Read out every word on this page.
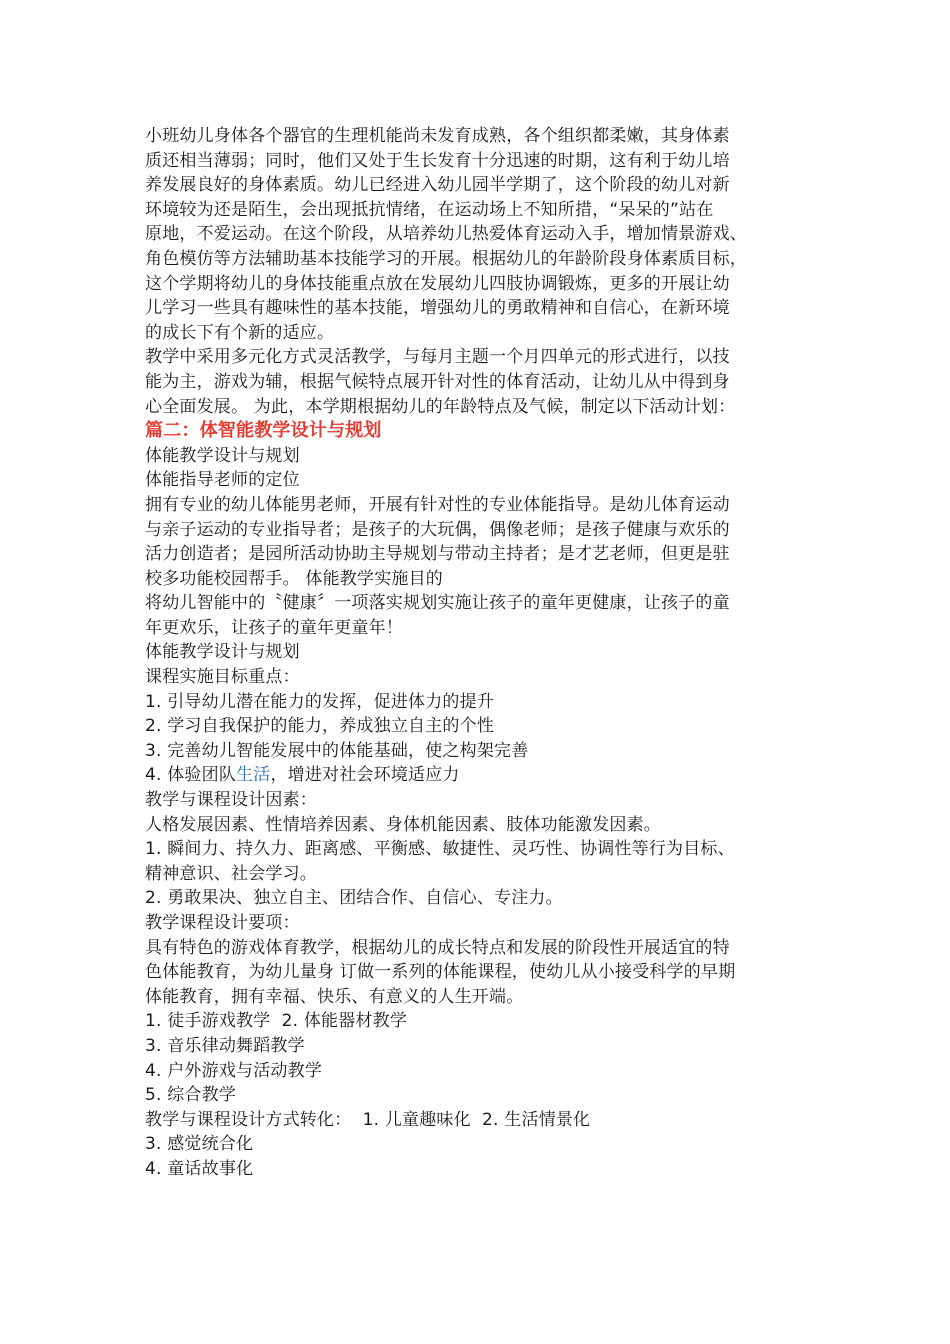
小班幼儿身体各个器官的生理机能尚未发育成熟，各个组织都柔嫩，其身体素
质还相当薄弱；同时，他们又处于生长发育十分迅速的时期，这有利于幼儿培
养发展良好的身体素质。幼儿已经进入幼儿园半学期了，这个阶段的幼儿对新
环境较为还是陌生，会出现抵抗情绪，在运动场上不知所措，“呆呆的”站在
原地，不爱运动。在这个阶段，从培养幼儿热爱体育运动入手，增加情景游戏、
角色模仿等方法辅助基本技能学习的开展。根据幼儿的年龄阶段身体素质目标，
这个学期将幼儿的身体技能重点放在发展幼儿四肢协调锻炼，更多的开展让幼
儿学习一些具有趣味性的基本技能，增强幼儿的勇敢精神和自信心，在新环境
的成长下有个新的适应。
教学中采用多元化方式灵活教学，与每月主题一个月四单元的形式进行，以技
能为主，游戏为辅，根据气候特点展开针对性的体育活动，让幼儿从中得到身
心全面发展。 为此，本学期根据幼儿的年龄特点及气候，制定以下活动计划：
篇二：体智能教学设计与规划
体能教学设计与规划
体能指导老师的定位
拥有专业的幼儿体能男老师，开展有针对性的专业体能指导。是幼儿体育运动
与亲子运动的专业指导者；是孩子的大玩偶，偶像老师；是孩子健康与欢乐的
活力创造者；是园所活动协助主导规划与带动主持者；是才艺老师，但更是驻
校多功能校园帮手。 体能教学实施目的
将幼儿智能中的〝健康〞一项落实规划实施让孩子的童年更健康，让孩子的童
年更欢乐，让孩子的童年更童年！
体能教学设计与规划
课程实施目标重点：
1. 引导幼儿潜在能力的发挥，促进体力的提升
2. 学习自我保护的能力，养成独立自主的个性
3. 完善幼儿智能发展中的体能基础，使之构架完善
4. 体验团队生活，增进对社会环境适应力
教学与课程设计因素：
人格发展因素、性情培养因素、身体机能因素、肢体功能激发因素。
1. 瞬间力、持久力、距离感、平衡感、敏捷性、灵巧性、协调性等行为目标、
精神意识、社会学习。
2. 勇敢果决、独立自主、团结合作、自信心、专注力。
教学课程设计要项：
具有特色的游戏体育教学，根据幼儿的成长特点和发展的阶段性开展适宜的特
色体能教育，为幼儿量身 订做一系列的体能课程，使幼儿从小接受科学的早期
体能教育，拥有幸福、快乐、有意义的人生开端。
1. 徒手游戏教学  2. 体能器材教学
3. 音乐律动舞蹈教学
4. 户外游戏与活动教学
5. 综合教学
教学与课程设计方式转化：  1. 儿童趣味化  2. 生活情景化
3. 感觉统合化
4. 童话故事化
